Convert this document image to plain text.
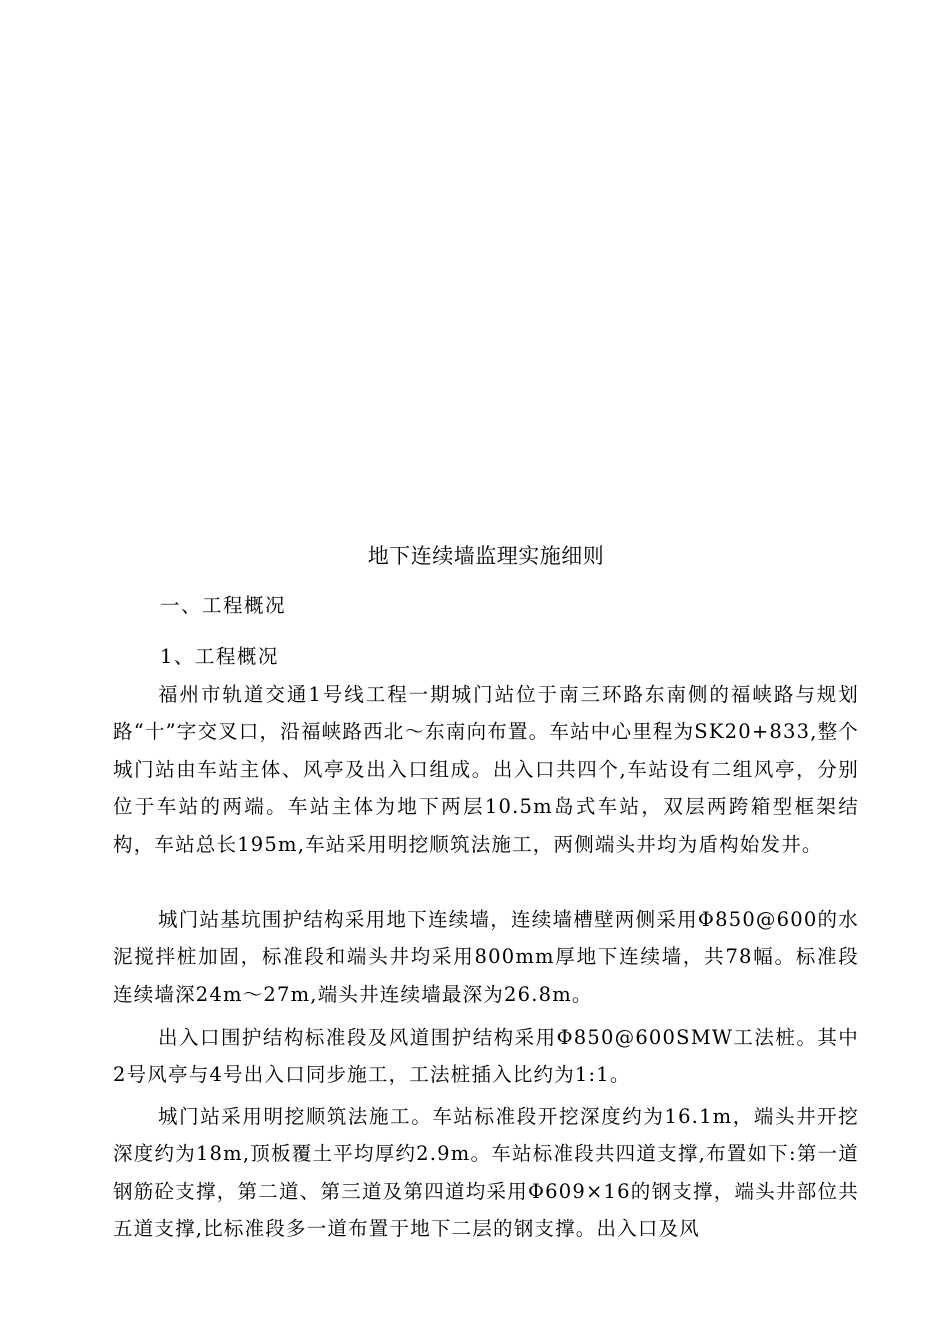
地下连续墙监理实施细则

一、工程概况

1、工程概况

福州市轨道交通1号线工程一期城门站位于南三环路东南侧的福峡路与规划路“十”字交叉口，沿福峡路西北～东南向布置。车站中心里程为SK20+833,整个城门站由车站主体、风亭及出入口组成。出入口共四个,车站设有二组风亭，分别位于车站的两端。车站主体为地下两层10.5m岛式车站，双层两跨箱型框架结构，车站总长195m,车站采用明挖顺筑法施工，两侧端头井均为盾构始发井。

城门站基坑围护结构采用地下连续墙，连续墙槽壁两侧采用Φ850@600的水泥搅拌桩加固，标准段和端头井均采用800mm厚地下连续墙，共78幅。标准段连续墙深24m～27m,端头井连续墙最深为26.8m。

出入口围护结构标准段及风道围护结构采用Φ850@600SMW工法桩。其中2号风亭与4号出入口同步施工，工法桩插入比约为1:1。

城门站采用明挖顺筑法施工。车站标准段开挖深度约为16.1m，端头井开挖深度约为18m,顶板覆土平均厚约2.9m。车站标准段共四道支撑,布置如下:第一道钢筋砼支撑，第二道、第三道及第四道均采用Φ609×16的钢支撑，端头井部位共五道支撑,比标准段多一道布置于地下二层的钢支撑。出入口及风
